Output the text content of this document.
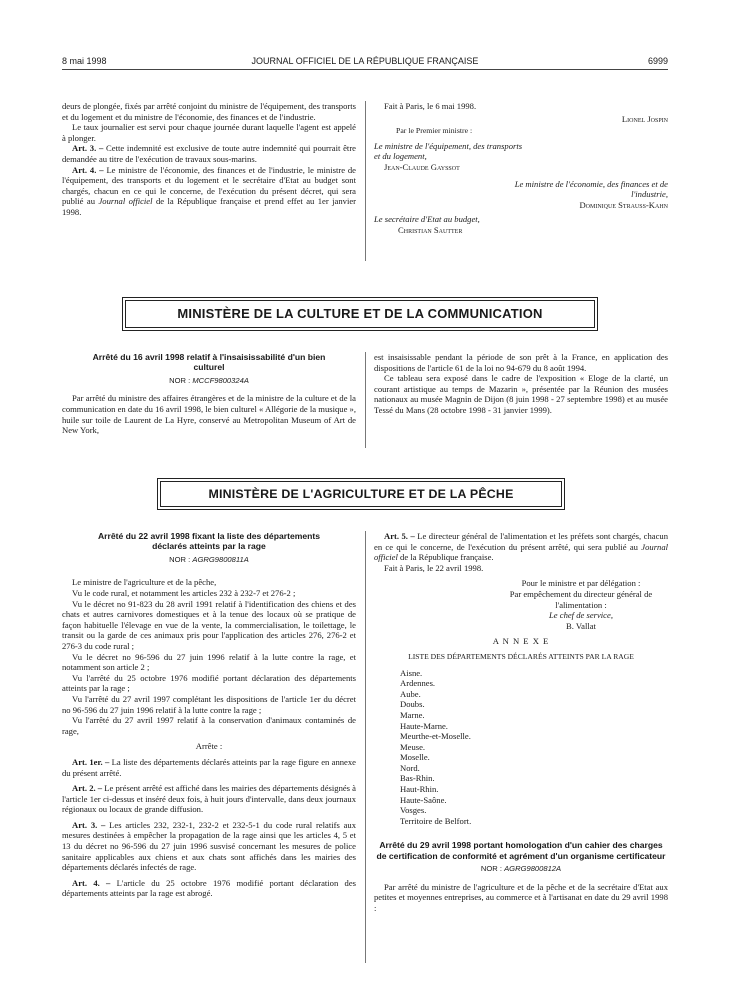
8 mai 1998	JOURNAL OFFICIEL DE LA RÉPUBLIQUE FRANÇAISE	6999

deurs de plongée, fixés par arrêté conjoint du ministre de l'équipement, des transports et du logement et du ministre de l'économie, des finances et de l'industrie.

Le taux journalier est servi pour chaque journée durant laquelle l'agent est appelé à plonger.

Art. 3. – Cette indemnité est exclusive de toute autre indemnité qui pourrait être demandée au titre de l'exécution de travaux sous-marins.

Art. 4. – Le ministre de l'économie, des finances et de l'industrie, le ministre de l'équipement, des transports et du logement et le secrétaire d'Etat au budget sont chargés, chacun en ce qui le concerne, de l'exécution du présent décret, qui sera publié au Journal officiel de la République française et prend effet au 1er janvier 1998.

Fait à Paris, le 6 mai 1998.

Lionel Jospin

Par le Premier ministre :

Le ministre de l'équipement, des transports et du logement,

Jean-Claude Gayssot

Le ministre de l'économie, des finances et de l'industrie,

Dominique Strauss-Kahn

Le secrétaire d'Etat au budget,

Christian Sautter

MINISTÈRE DE LA CULTURE ET DE LA COMMUNICATION
Arrêté du 16 avril 1998 relatif à l'insaisissabilité d'un bien culturel
NOR : MCCF9800324A

Par arrêté du ministre des affaires étrangères et de la ministre de la culture et de la communication en date du 16 avril 1998, le bien culturel « Allégorie de la musique », huile sur toile de Laurent de La Hyre, conservé au Metropolitan Museum of Art de New York,

est insaisissable pendant la période de son prêt à la France, en application des dispositions de l'article 61 de la loi no 94-679 du 8 août 1994.

Ce tableau sera exposé dans le cadre de l'exposition « Eloge de la clarté, un courant artistique au temps de Mazarin », présentée par la Réunion des musées nationaux au musée Magnin de Dijon (8 juin 1998 - 27 septembre 1998) et au musée Tessé du Mans (28 octobre 1998 - 31 janvier 1999).

MINISTÈRE DE L'AGRICULTURE ET DE LA PÊCHE
Arrêté du 22 avril 1998 fixant la liste des départements déclarés atteints par la rage
NOR : AGRG9800811A

Le ministre de l'agriculture et de la pêche,

Vu le code rural, et notamment les articles 232 à 232-7 et 276-2 ;

Vu le décret no 91-823 du 28 avril 1991 relatif à l'identification des chiens et des chats et autres carnivores domestiques et à la tenue des locaux où se pratique de façon habituelle l'élevage en vue de la vente, la commercialisation, le toilettage, le transit ou la garde de ces animaux pris pour l'application des articles 276, 276-2 et 276-3 du code rural ;

Vu le décret no 96-596 du 27 juin 1996 relatif à la lutte contre la rage, et notamment son article 2 ;

Vu l'arrêté du 25 octobre 1976 modifié portant déclaration des départements atteints par la rage ;

Vu l'arrêté du 27 avril 1997 complétant les dispositions de l'article 1er du décret no 96-596 du 27 juin 1996 relatif à la lutte contre la rage ;

Vu l'arrêté du 27 avril 1997 relatif à la conservation d'animaux contaminés de rage,

Arrête :

Art. 1er. – La liste des départements déclarés atteints par la rage figure en annexe du présent arrêté.

Art. 2. – Le présent arrêté est affiché dans les mairies des départements désignés à l'article 1er ci-dessus et inséré deux fois, à huit jours d'intervalle, dans deux journaux régionaux ou locaux de grande diffusion.

Art. 3. – Les articles 232, 232-1, 232-2 et 232-5-1 du code rural relatifs aux mesures destinées à empêcher la propagation de la rage ainsi que les articles 4, 5 et 13 du décret no 96-596 du 27 juin 1996 susvisé concernant les mesures de police sanitaire applicables aux chiens et aux chats sont affichés dans les mairies des départements déclarés infectés de rage.

Art. 4. – L'article du 25 octobre 1976 modifié portant déclaration des départements atteints par la rage est abrogé.

Art. 5. – Le directeur général de l'alimentation et les préfets sont chargés, chacun en ce qui le concerne, de l'exécution du présent arrêté, qui sera publié au Journal officiel de la République française.

Fait à Paris, le 22 avril 1998.

Pour le ministre et par délégation :
Par empêchement du directeur général de l'alimentation :
Le chef de service,
B. Vallat

A N N E X E

LISTE DES DÉPARTEMENTS DÉCLARÉS ATTEINTS PAR LA RAGE

Aisne.

Ardennes.

Aube.

Doubs.

Marne.

Haute-Marne.

Meurthe-et-Moselle.

Meuse.

Moselle.

Nord.

Bas-Rhin.

Haut-Rhin.

Haute-Saône.

Vosges.

Territoire de Belfort.

Arrêté du 29 avril 1998 portant homologation d'un cahier des charges de certification de conformité et agrément d'un organisme certificateur
NOR : AGRG9800812A

Par arrêté du ministre de l'agriculture et de la pêche et de la secrétaire d'Etat aux petites et moyennes entreprises, au commerce et à l'artisanat en date du 29 avril 1998 :
